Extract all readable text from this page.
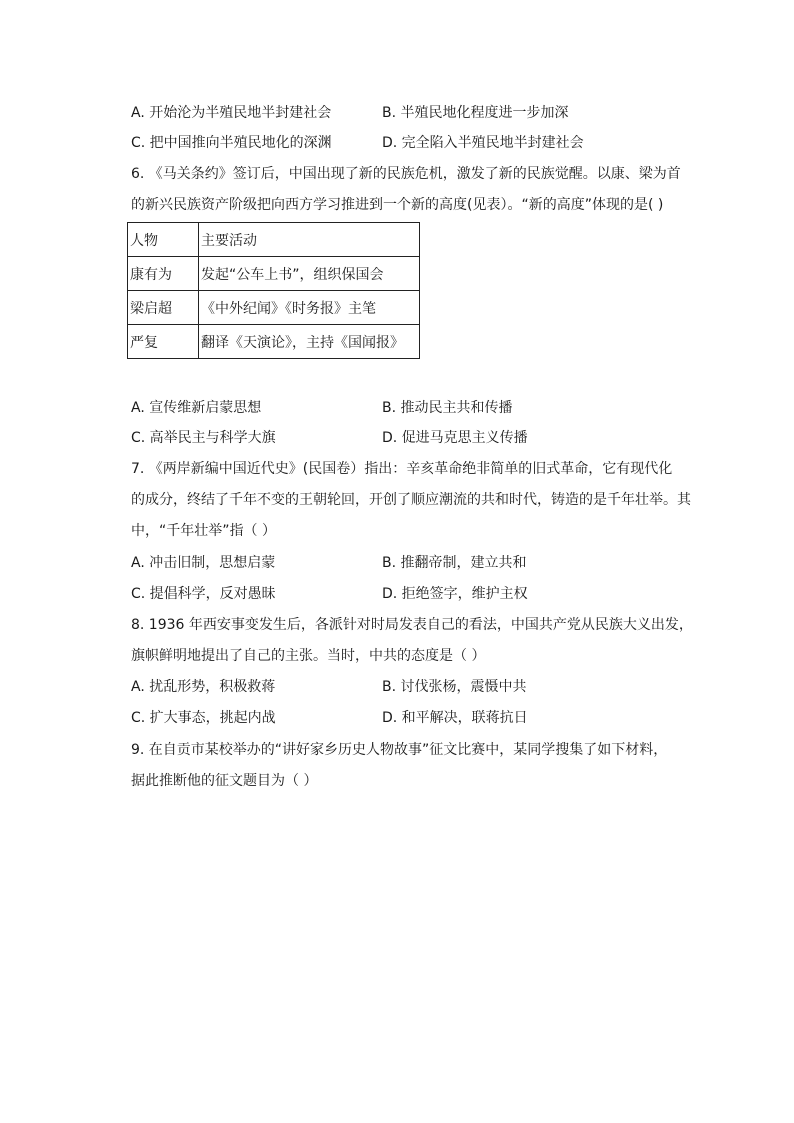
A. 开始沦为半殖民地半封建社会	B. 半殖民地化程度进一步加深
C. 把中国推向半殖民地化的深渊	D. 完全陷入半殖民地半封建社会
6. 《马关条约》签订后，中国出现了新的民族危机，激发了新的民族觉醒。以康、梁为首
的新兴民族资产阶级把向西方学习推进到一个新的高度(见表）。“新的高度”体现的是( )
人物	主要活动
康有为	发起“公车上书”，组织保国会
梁启超	《中外纪闻》《时务报》主笔
严复	翻译《天演论》，主持《国闻报》
A. 宣传维新启蒙思想	B. 推动民主共和传播
C. 高举民主与科学大旗	D. 促进马克思主义传播
7. 《两岸新编中国近代史》(民国卷）指出：辛亥革命绝非简单的旧式革命，它有现代化
的成分，终结了千年不变的王朝轮回，开创了顺应潮流的共和时代，铸造的是千年壮举。其
中，“千年壮举”指（ ）
A. 冲击旧制，思想启蒙	B. 推翻帝制，建立共和
C. 提倡科学，反对愚昧	D. 拒绝签字，维护主权
8. 1936 年西安事变发生后，各派针对时局发表自己的看法，中国共产党从民族大义出发，
旗帜鲜明地提出了自己的主张。当时，中共的态度是（ ）
A. 扰乱形势，积极救蒋	B. 讨伐张杨，震慑中共
C. 扩大事态，挑起内战	D. 和平解决，联蒋抗日
9. 在自贡市某校举办的“讲好家乡历史人物故事”征文比赛中，某同学搜集了如下材料，
据此推断他的征文题目为（ ）
